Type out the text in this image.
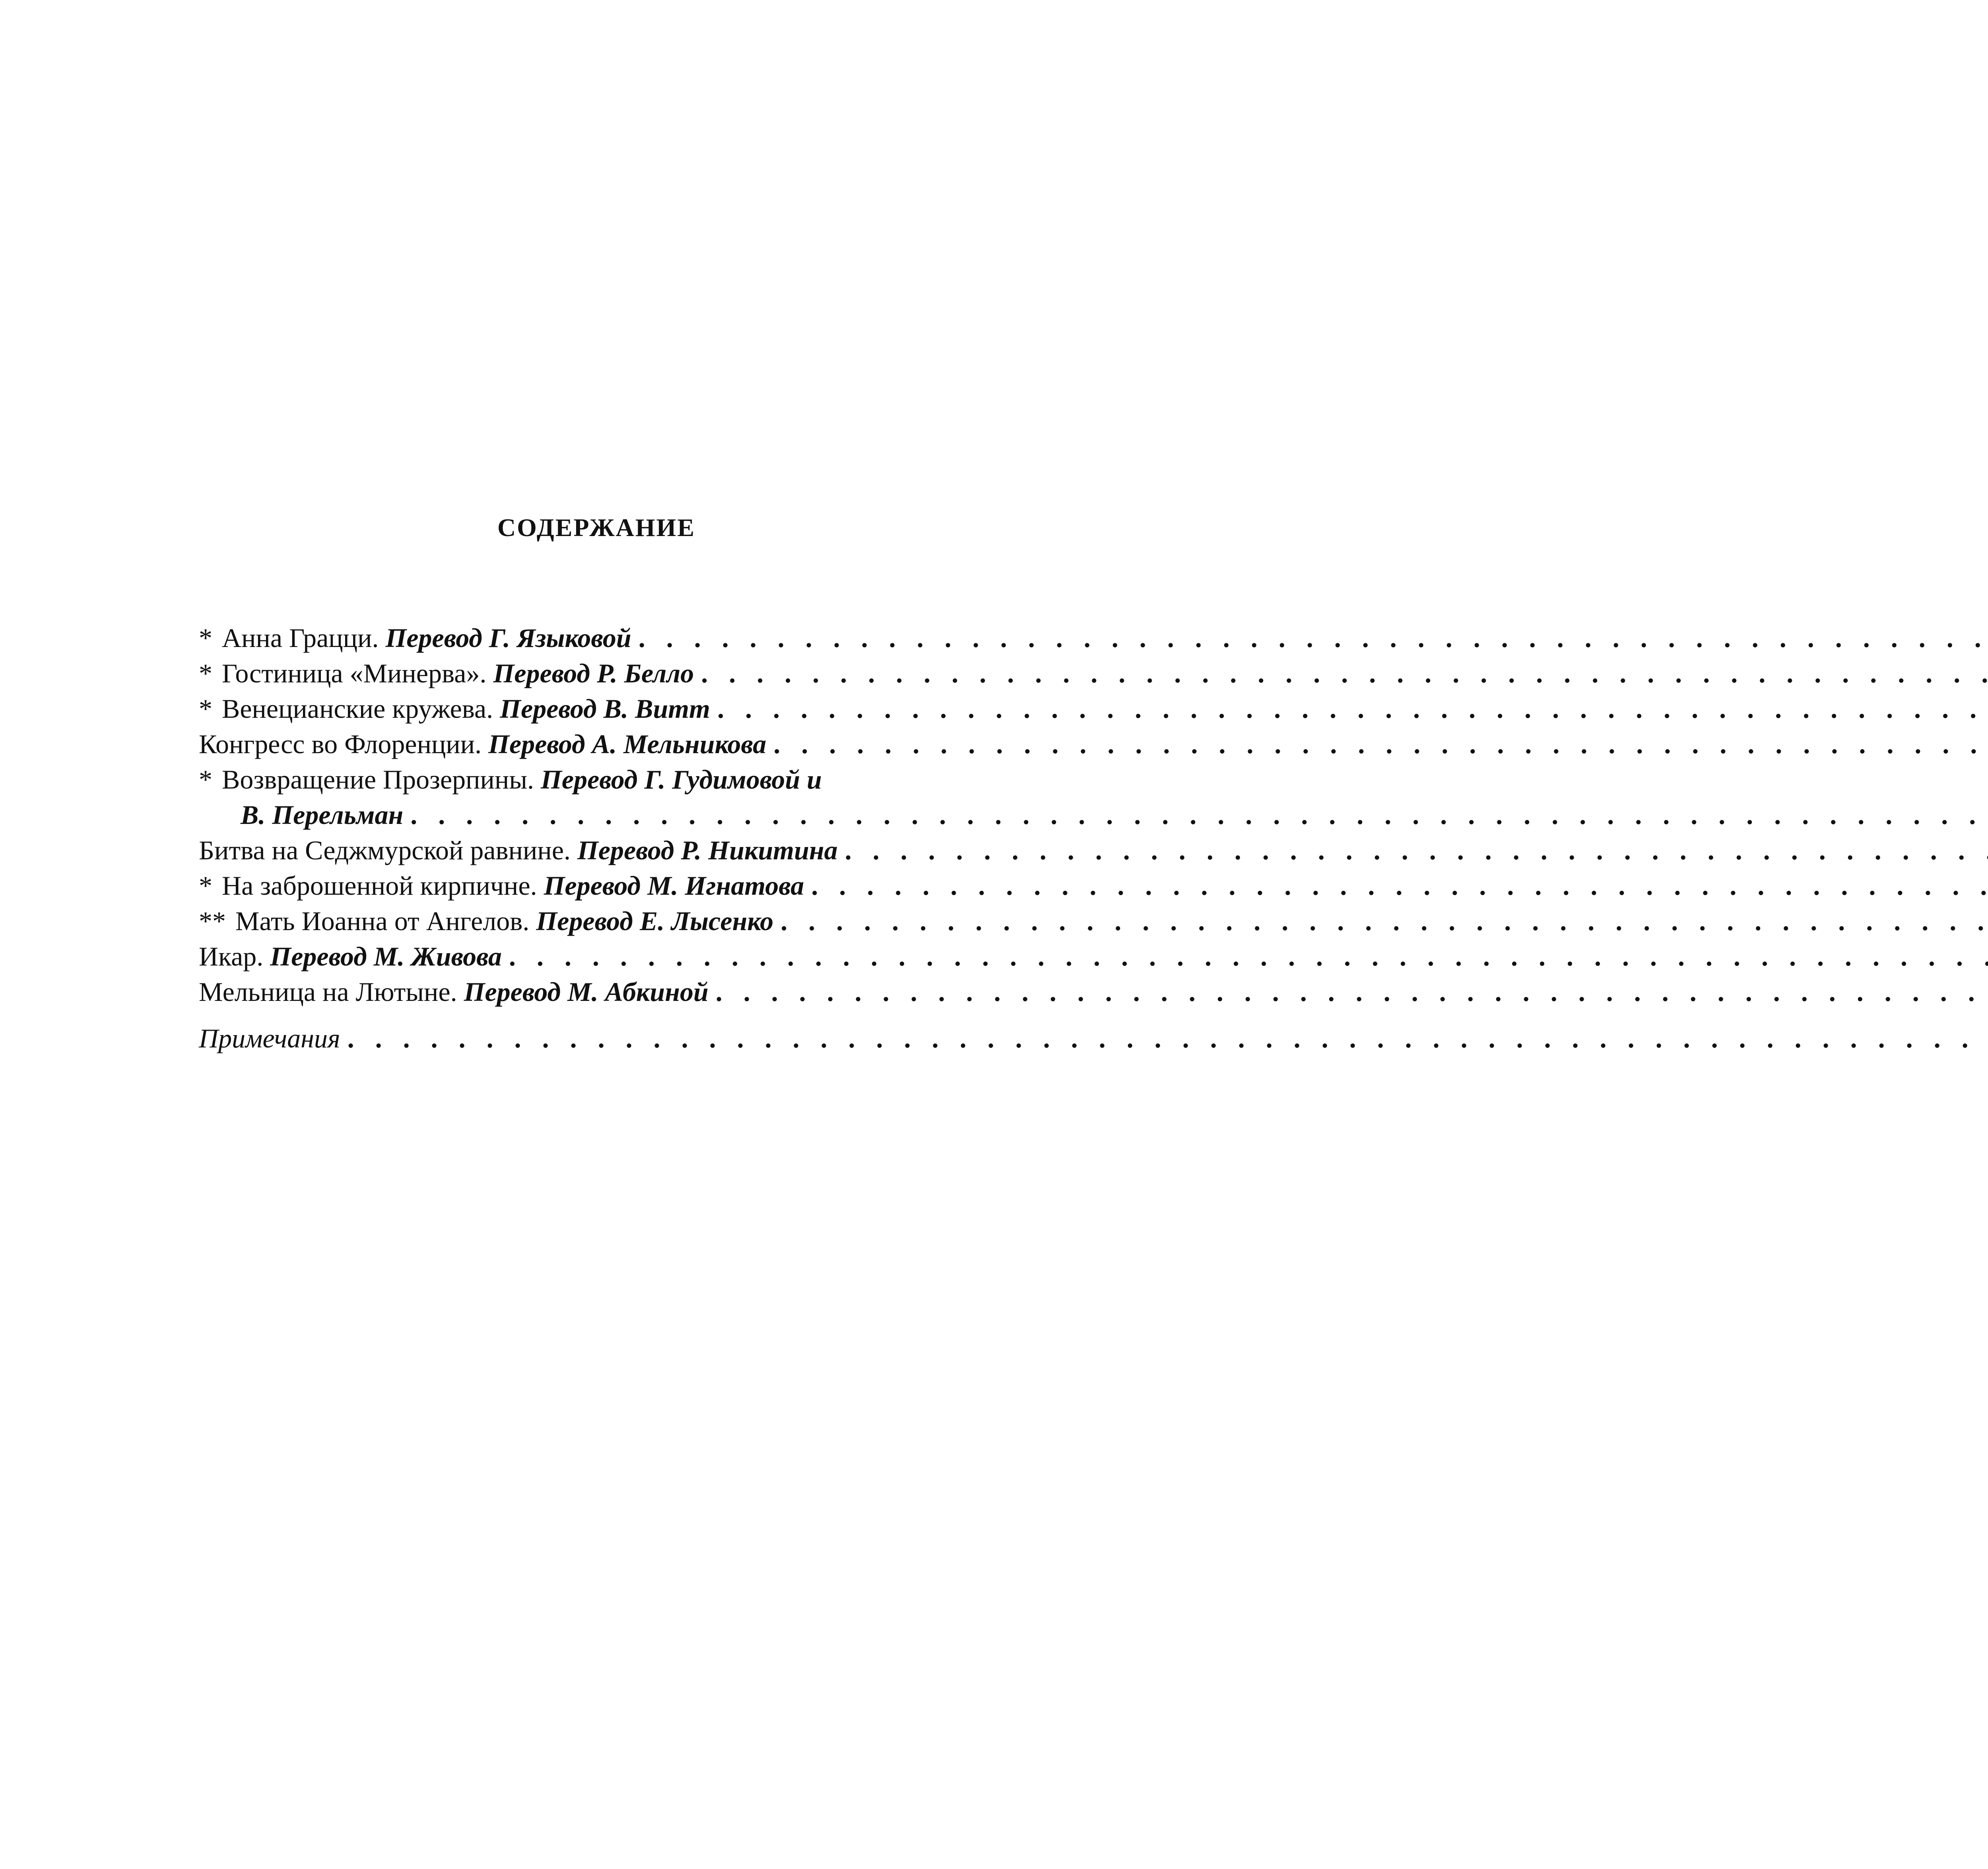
СОДЕРЖАНИЕ
* Анна Грацци. Перевод Г. Языковой
. . .
* Гостиница «Минерва». Перевод Р. Белло
. . .
* Венецианские кружева. Перевод В. Витт
. . .
Конгресс во Флоренции. Перевод А. Мельникова
. . .
* Возвращение Прозерпины. Перевод Г. Гудимовой и
В. Перельман
. . .
Битва на Седжмурской равнине. Перевод Р. Никитина
. . .
* На заброшенной кирпичне. Перевод М. Игнатова
. . .
** Мать Иоанна от Ангелов. Перевод Е. Лысенко
. . .
Икар. Перевод М. Живова
. . .
Мельница на Лютыне. Перевод М. Абкиной
. . .
Примечания
. . .
